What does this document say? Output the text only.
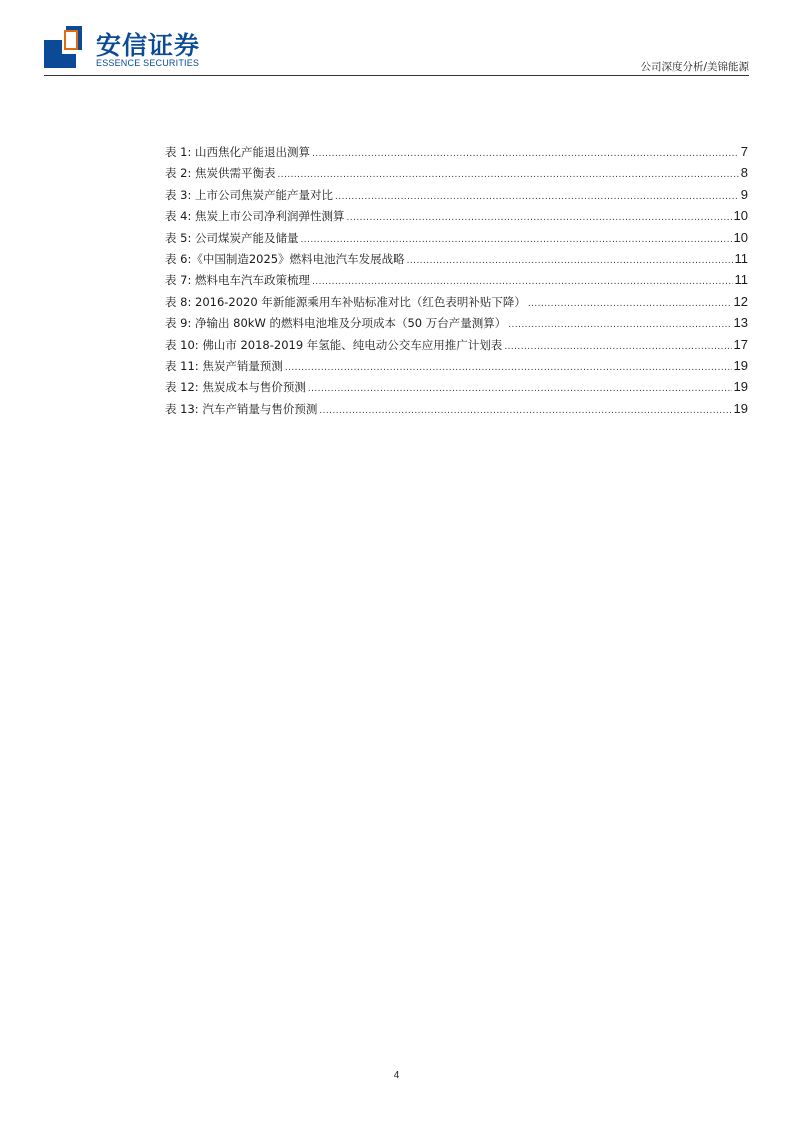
安信证券
ESSENCE SECURITIES	公司深度分析/美锦能源
表 1: 山西焦化产能退出测算 .....	7
表 2: 焦炭供需平衡表 .....	8
表 3: 上市公司焦炭产能产量对比 .....	9
表 4: 焦炭上市公司净利润弹性测算 .....	10
表 5: 公司煤炭产能及储量 .....	10
表 6:《中国制造2025》燃料电池汽车发展战略 .....	11
表 7: 燃料电车汽车政策梳理 .....	11
表 8: 2016-2020 年新能源乘用车补贴标准对比（红色表明补贴下降） .....	12
表 9: 净输出 80kW 的燃料电池堆及分项成本（50 万台产量测算） .....	13
表 10: 佛山市 2018-2019 年氢能、纯电动公交车应用推广计划表 .....	17
表 11: 焦炭产销量预测 .....	19
表 12: 焦炭成本与售价预测 .....	19
表 13: 汽车产销量与售价预测 .....	19
4
